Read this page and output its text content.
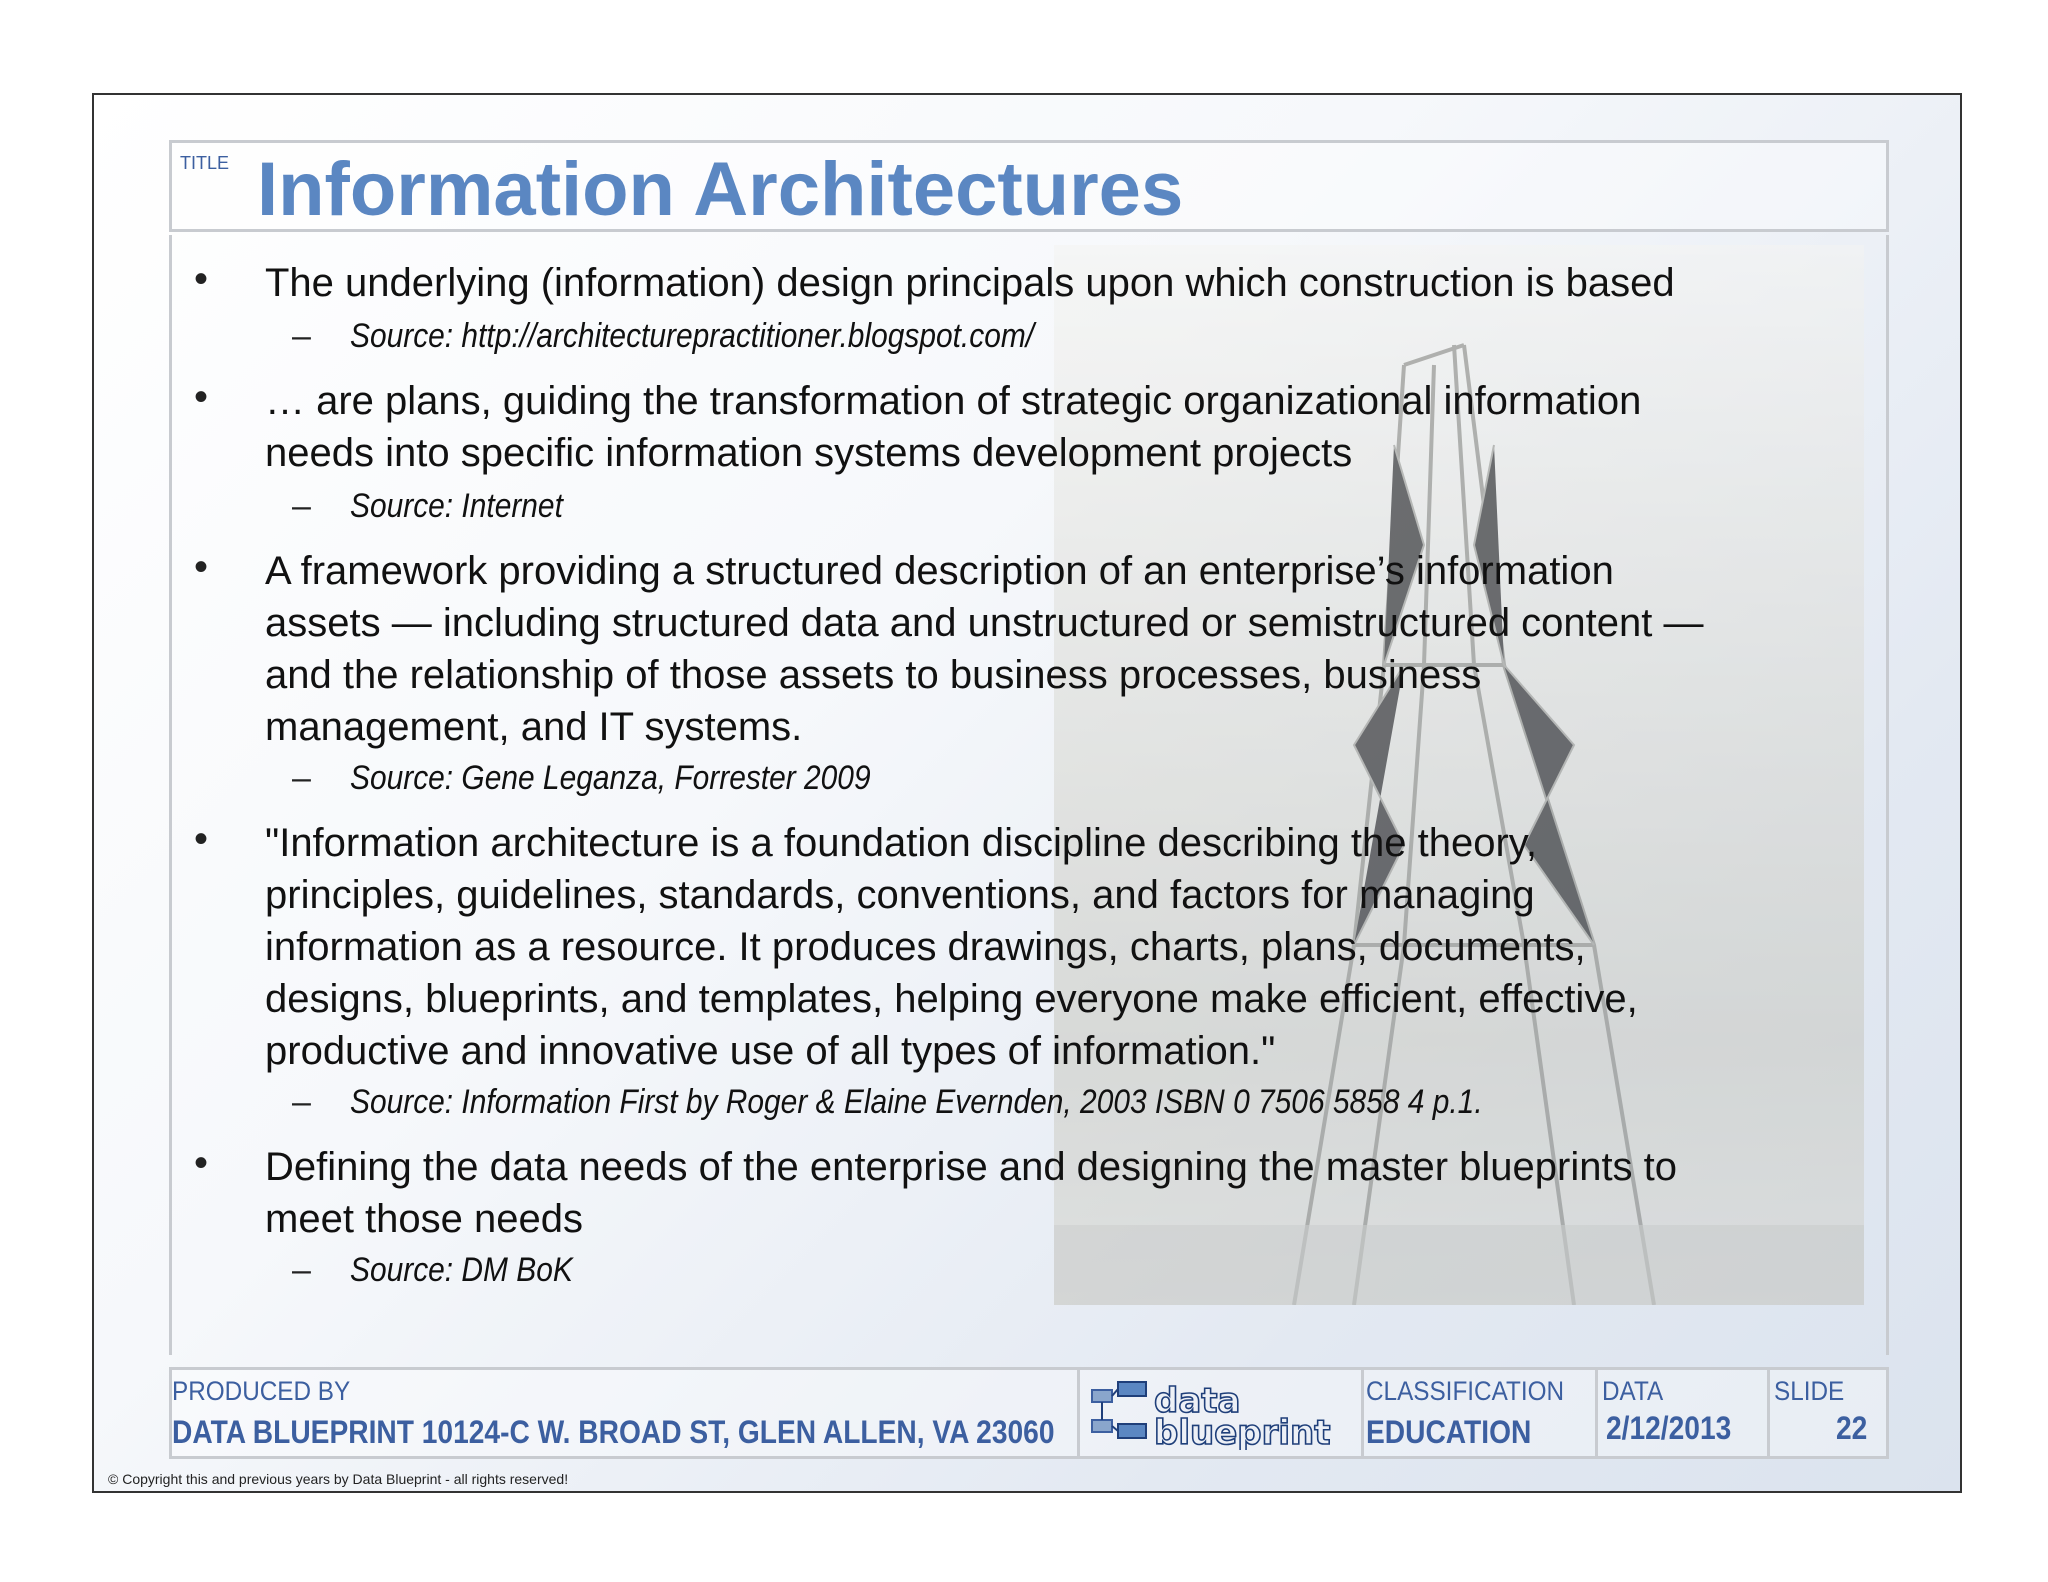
TITLE Information Architectures
• The underlying (information) design principals upon which construction is based
– Source: http://architecturepractitioner.blogspot.com/
• … are plans, guiding the transformation of strategic organizational information
needs into specific information systems development projects
– Source: Internet
• A framework providing a structured description of an enterprise’s information
assets — including structured data and unstructured or semistructured content —
and the relationship of those assets to business processes, business
management, and IT systems.
– Source: Gene Leganza, Forrester 2009
• "Information architecture is a foundation discipline describing the theory,
principles, guidelines, standards, conventions, and factors for managing
information as a resource. It produces drawings, charts, plans, documents,
designs, blueprints, and templates, helping everyone make efficient, effective,
productive and innovative use of all types of information."
– Source: Information First by Roger & Elaine Evernden, 2003 ISBN 0 7506 5858 4 p.1.
• Defining the data needs of the enterprise and designing the master blueprints to
meet those needs
– Source: DM BoK
PRODUCED BY
DATA BLUEPRINT 10124-C W. BROAD ST, GLEN ALLEN, VA 23060
data
blueprint
CLASSIFICATION
EDUCATION
DATA
2/12/2013
SLIDE
22
© Copyright this and previous years by Data Blueprint - all rights reserved!
